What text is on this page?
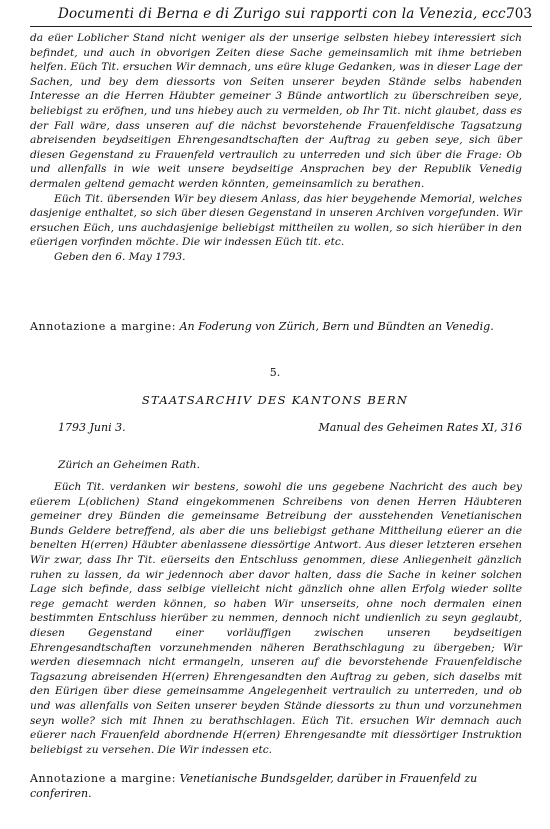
Documenti di Berna e di Zurigo sui rapporti con la Venezia, ecc.
703

da eüer Loblicher Stand nicht weniger als der unserige selbsten hiebey interessiert sich befindet, und auch in obvorigen Zeiten diese Sache gemeinsamlich mit ihme betrieben helfen. Eüch Tit. ersuchen Wir demnach, uns eüre kluge Gedanken, was in dieser Lage der Sachen, und bey dem diessorts von Seiten unserer beyden Stände selbs habenden Interesse an die Herren Häubter gemeiner 3 Bünde antwortlich zu überschreiben seye, beliebigst zu eröfnen, und uns hiebey auch zu vermelden, ob Ihr Tit. nicht glaubet, dass es der Fall wäre, dass unseren auf die nächst bevorstehende Frauenfeldische Tagsatzung abreisenden beydseitigen Ehrengesandtschaften der Auftrag zu geben seye, sich über diesen Gegenstand zu Frauenfeld vertraulich zu unterreden und sich über die Frage: Ob und allenfalls in wie weit unsere beydseitige Ansprachen bey der Republik Venedig dermalen geltend gemacht werden könnten, gemeinsamlich zu berathen.

Eüch Tit. übersenden Wir bey diesem Anlass, das hier beygehende Memorial, welches dasjenige enthaltet, so sich über diesen Gegenstand in unseren Archiven vorgefunden. Wir ersuchen Eüch, uns auchdasjenige beliebigst mittheilen zu wollen, so sich hierüber in den eüerigen vorfinden möchte. Die wir indessen Eüch tit. etc.

Geben den 6. May 1793.

Annotazione a margine: An Foderung von Zürich, Bern und Bündten an Venedig.
5.
STAATSARCHIV DES KANTONS BERN
1793 Juni 3.	Manual des Geheimen Rates XI, 316
Zürich an Geheimen Rath.

Eüch Tit. verdanken wir bestens, sowohl die uns gegebene Nachricht des auch bey eüerem L(oblichen) Stand eingekommenen Schreibens von denen Herren Häubteren gemeiner drey Bünden die gemeinsame Betreibung der ausstehenden Venetianischen Bunds Geldere betreffend, als aber die uns beliebigst gethane Mittheilung eüerer an die benelten H(erren) Häubter abenlassene diessörtige Antwort. Aus dieser letzteren ersehen Wir zwar, dass Ihr Tit. eüerseits den Entschluss genommen, diese Anliegenheit gänzlich ruhen zu lassen, da wir jedennoch aber davor halten, dass die Sache in keiner solchen Lage sich befinde, dass selbige vielleicht nicht gänzlich ohne allen Erfolg wieder sollte rege gemacht werden können, so haben Wir unserseits, ohne noch dermalen einen bestimmten Entschluss hierüber zu nemmen, dennoch nicht undienlich zu seyn geglaubt, diesen Gegenstand einer vorläuffigen zwischen unseren beydseitigen Ehrengesandtschaften vorzunehmenden näheren Berathschlagung zu übergeben; Wir werden diesemnach nicht ermangeln, unseren auf die bevorstehende Frauenfeldische Tagsazung abreisenden H(erren) Ehrengesandten den Auftrag zu geben, sich daselbs mit den Eürigen über diese gemeinsamme Angelegenheit vertraulich zu unterreden, und ob und was allenfalls von Seiten unserer beyden Stände diessorts zu thun und vorzunehmen seyn wolle? sich mit Ihnen zu berathschlagen. Eüch Tit. ersuchen Wir demnach auch eüerer nach Frauenfeld abordnende H(erren) Ehrengesandte mit diessörtiger Instruktion beliebigst zu versehen. Die Wir indessen etc.

Annotazione a margine: Venetianische Bundsgelder, darüber in Frauenfeld zu conferiren.
